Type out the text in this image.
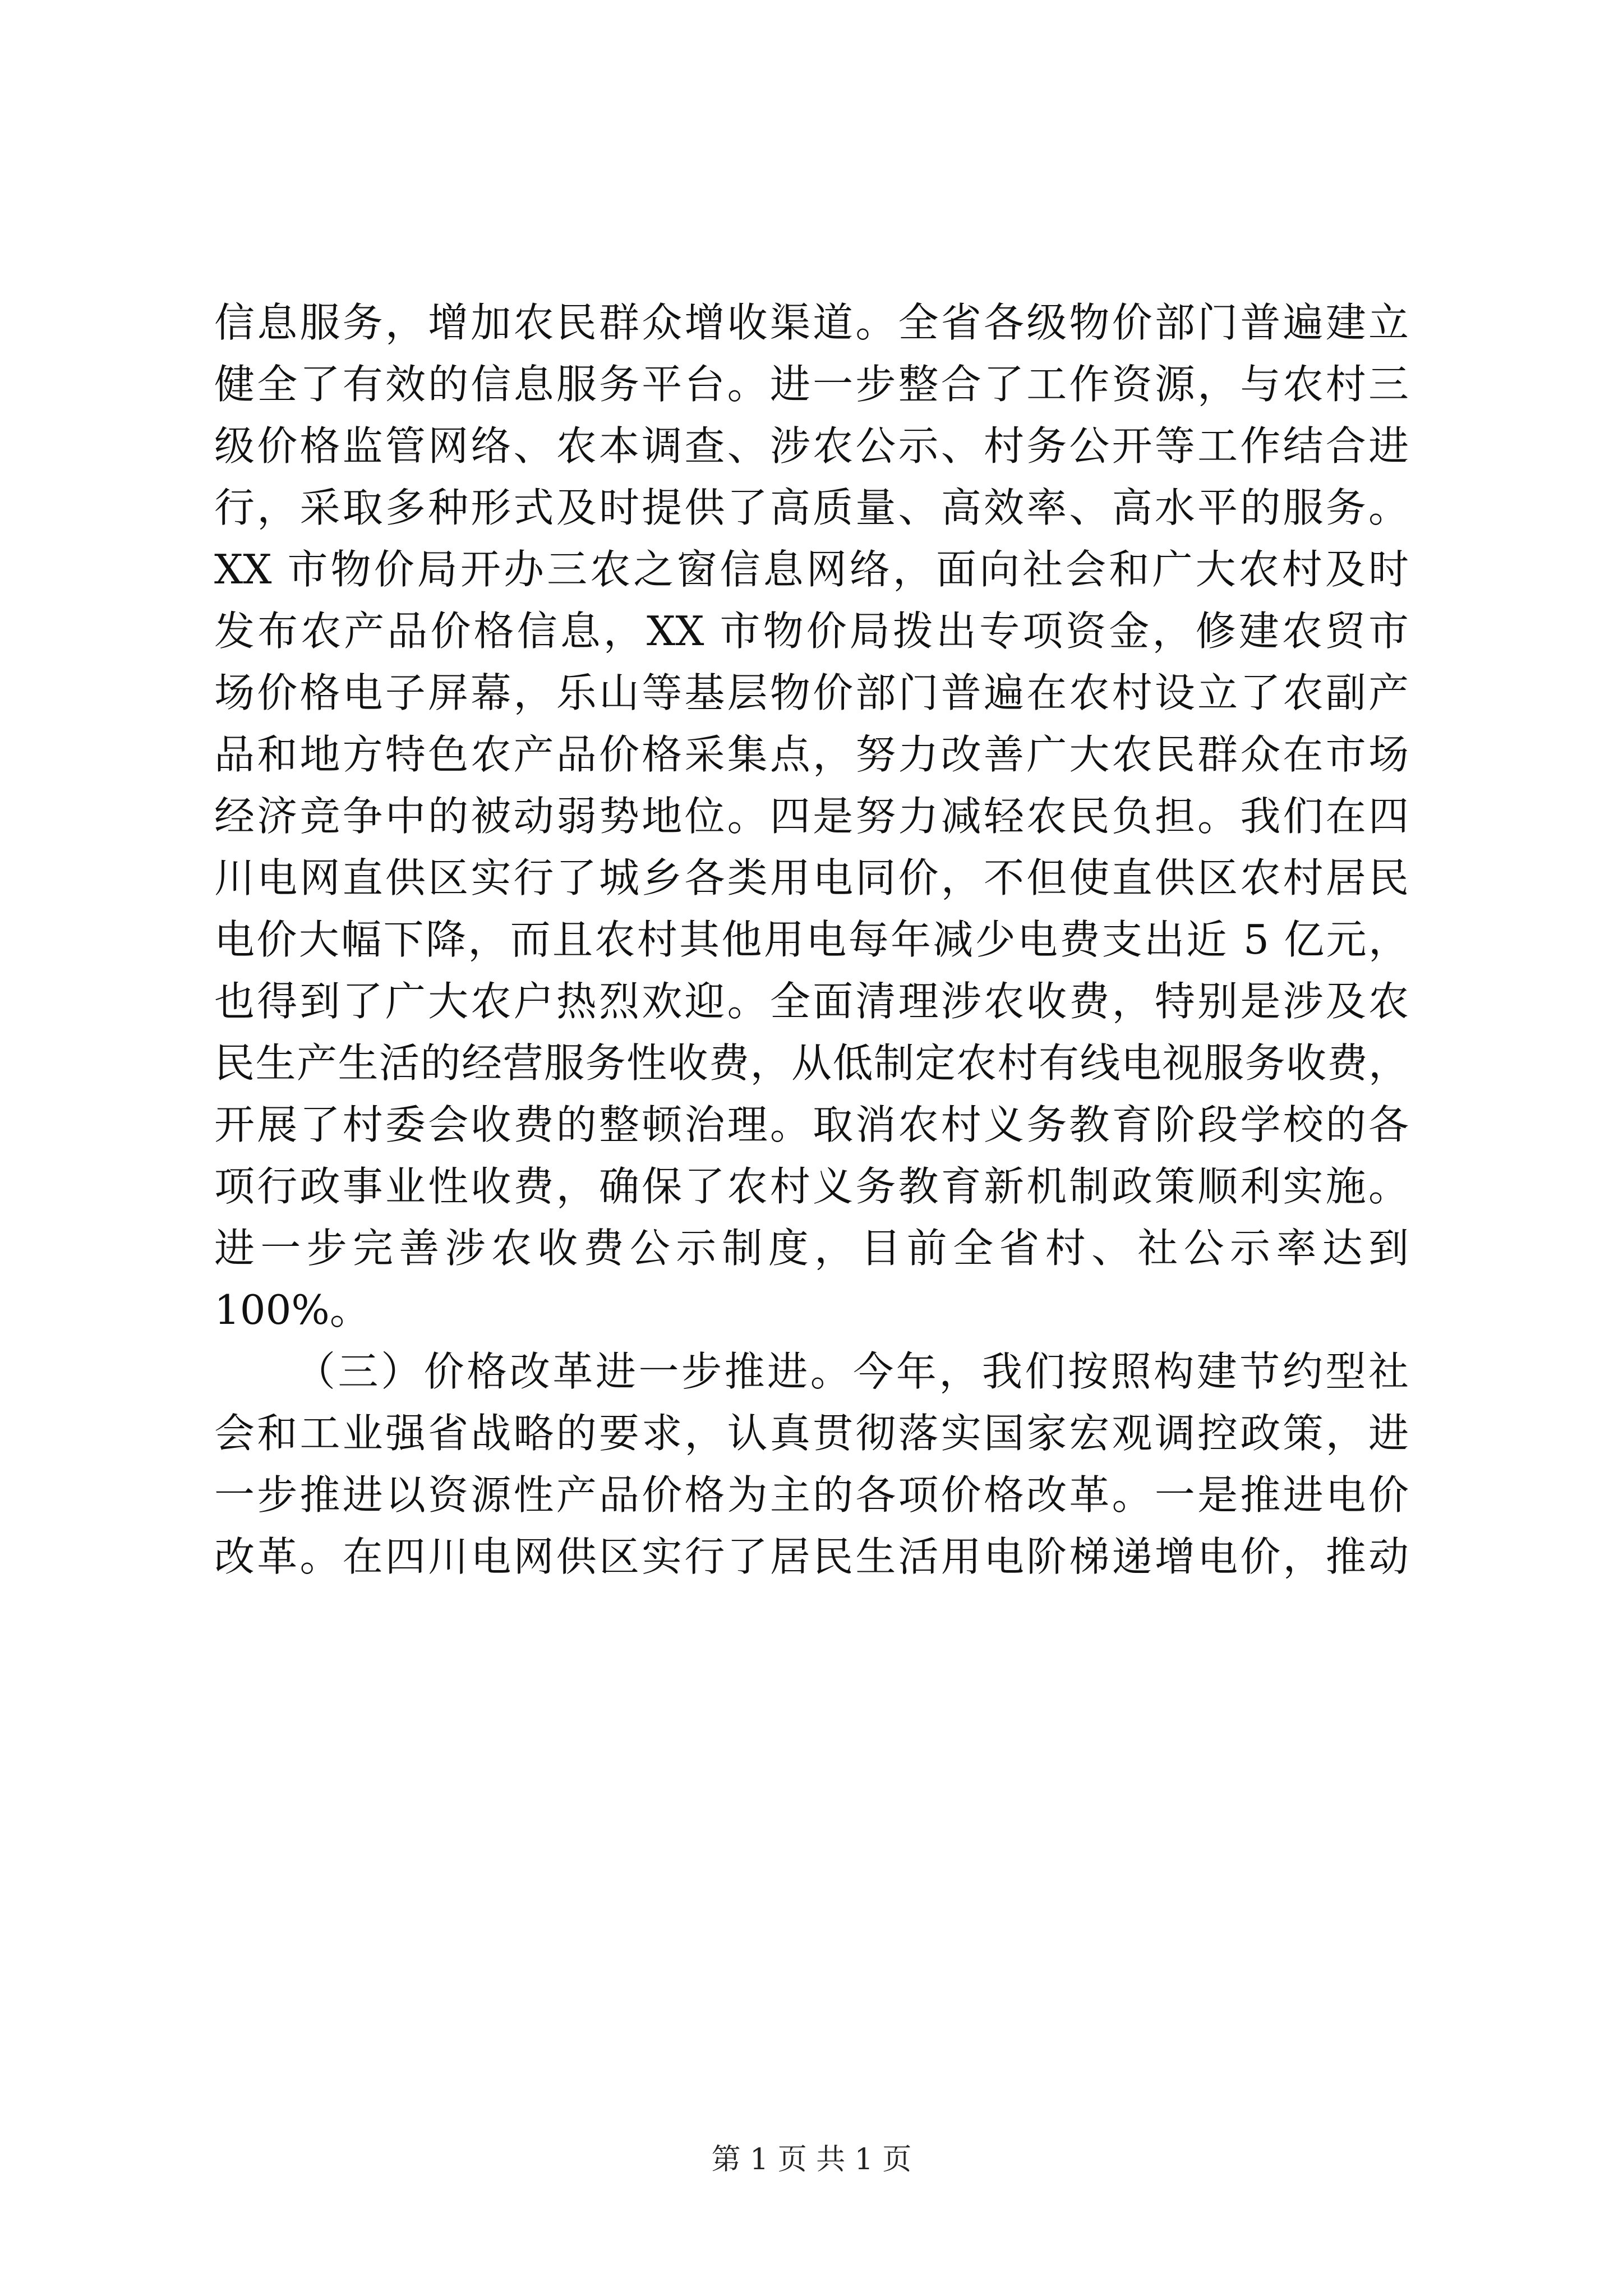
信息服务，增加农民群众增收渠道。全省各级物价部门普遍建立
健全了有效的信息服务平台。进一步整合了工作资源，与农村三
级价格监管网络、农本调查、涉农公示、村务公开等工作结合进
行，采取多种形式及时提供了高质量、高效率、高水平的服务。
XX 市物价局开办三农之窗信息网络，面向社会和广大农村及时
发布农产品价格信息，XX 市物价局拨出专项资金，修建农贸市
场价格电子屏幕，乐山等基层物价部门普遍在农村设立了农副产
品和地方特色农产品价格采集点，努力改善广大农民群众在市场
经济竞争中的被动弱势地位。四是努力减轻农民负担。我们在四
川电网直供区实行了城乡各类用电同价，不但使直供区农村居民
电价大幅下降，而且农村其他用电每年减少电费支出近 5 亿元，
也得到了广大农户热烈欢迎。全面清理涉农收费，特别是涉及农
民生产生活的经营服务性收费，从低制定农村有线电视服务收费，
开展了村委会收费的整顿治理。取消农村义务教育阶段学校的各
项行政事业性收费，确保了农村义务教育新机制政策顺利实施。
进一步完善涉农收费公示制度，目前全省村、社公示率达到
100%。
（三）价格改革进一步推进。今年，我们按照构建节约型社
会和工业强省战略的要求，认真贯彻落实国家宏观调控政策，进
一步推进以资源性产品价格为主的各项价格改革。一是推进电价
改革。在四川电网供区实行了居民生活用电阶梯递增电价，推动
第 1 页 共 1 页
